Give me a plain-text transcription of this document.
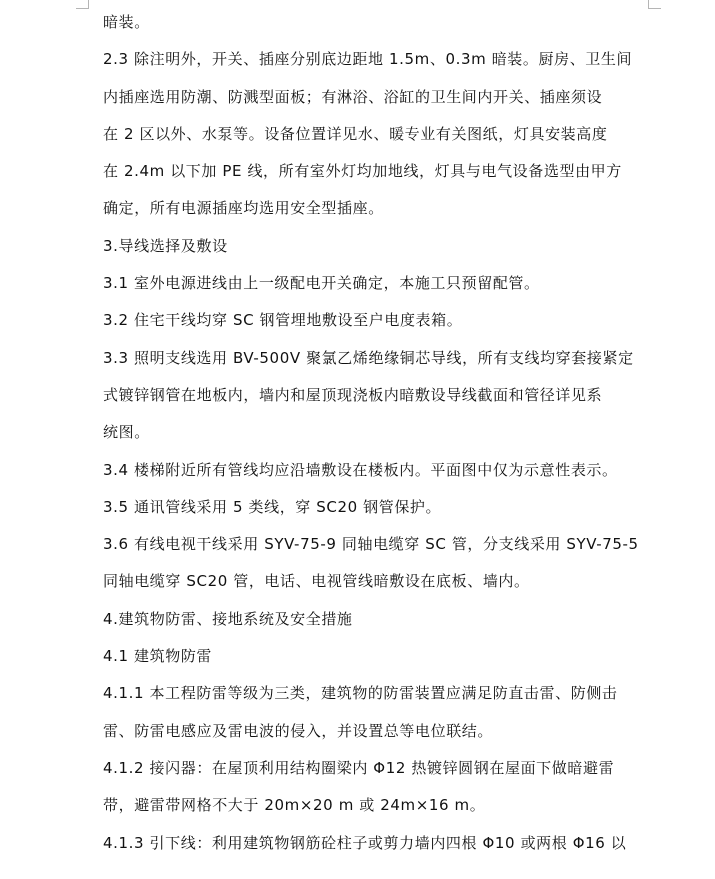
暗装。
2.3 除注明外，开关、插座分别底边距地 1.5m、0.3m 暗装。厨房、卫生间
内插座选用防潮、防溅型面板；有淋浴、浴缸的卫生间内开关、插座须设
在 2 区以外、水泵等。设备位置详见水、暖专业有关图纸，灯具安装高度
在 2.4m 以下加 PE 线，所有室外灯均加地线，灯具与电气设备选型由甲方
确定，所有电源插座均选用安全型插座。
3.导线选择及敷设
3.1 室外电源进线由上一级配电开关确定，本施工只预留配管。
3.2 住宅干线均穿 SC 钢管埋地敷设至户电度表箱。
3.3 照明支线选用 BV-500V 聚氯乙烯绝缘铜芯导线，所有支线均穿套接紧定
式镀锌钢管在地板内，墙内和屋顶现浇板内暗敷设导线截面和管径详见系
统图。
3.4 楼梯附近所有管线均应沿墙敷设在楼板内。平面图中仅为示意性表示。
3.5 通讯管线采用 5 类线，穿 SC20 钢管保护。
3.6 有线电视干线采用 SYV-75-9 同轴电缆穿 SC 管，分支线采用 SYV-75-5
同轴电缆穿 SC20 管，电话、电视管线暗敷设在底板、墙内。
4.建筑物防雷、接地系统及安全措施
4.1 建筑物防雷
4.1.1 本工程防雷等级为三类，建筑物的防雷装置应满足防直击雷、防侧击
雷、防雷电感应及雷电波的侵入，并设置总等电位联结。
4.1.2 接闪器：在屋顶利用结构圈梁内 Φ12 热镀锌圆钢在屋面下做暗避雷
带，避雷带网格不大于 20m×20 m 或 24m×16 m。
4.1.3 引下线：利用建筑物钢筋砼柱子或剪力墙内四根 Φ10 或两根 Φ16 以
